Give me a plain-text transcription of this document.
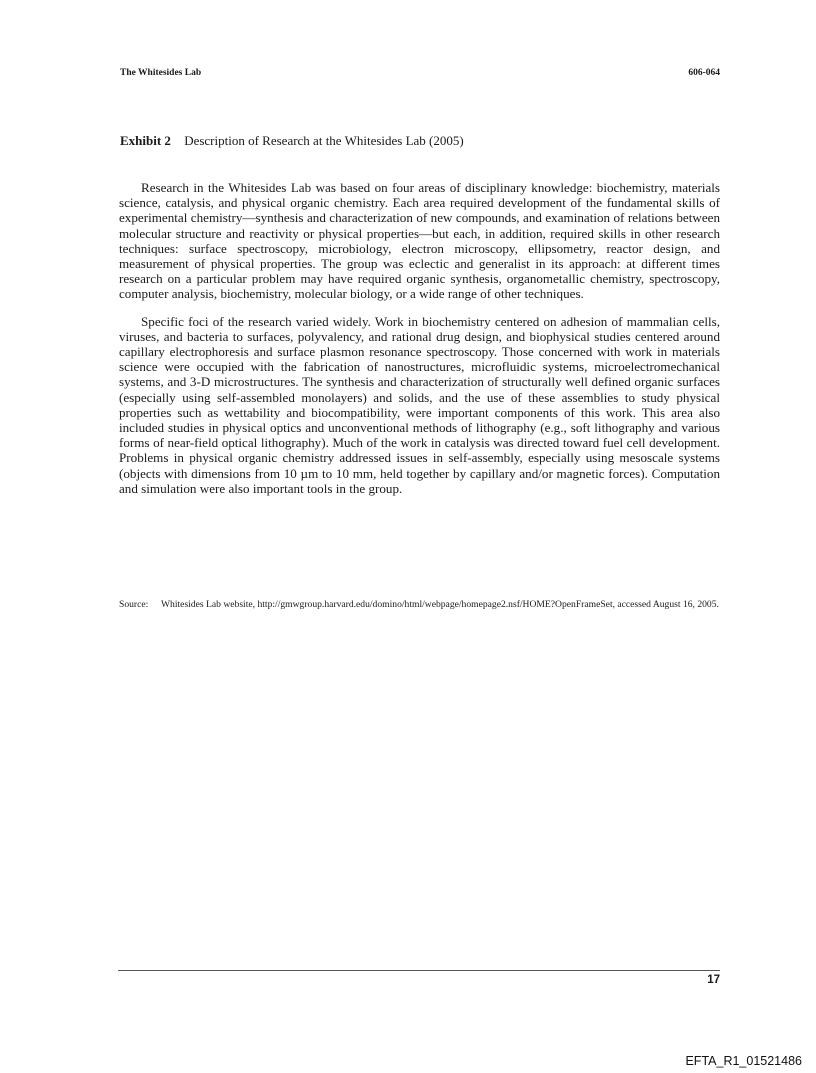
The Whitesides Lab	606-064
Exhibit 2 Description of Research at the Whitesides Lab (2005)

Research in the Whitesides Lab was based on four areas of disciplinary knowledge: biochemistry, materials science, catalysis, and physical organic chemistry. Each area required development of the fundamental skills of experimental chemistry—synthesis and characterization of new compounds, and examination of relations between molecular structure and reactivity or physical properties—but each, in addition, required skills in other research techniques: surface spectroscopy, microbiology, electron microscopy, ellipsometry, reactor design, and measurement of physical properties. The group was eclectic and generalist in its approach: at different times research on a particular problem may have required organic synthesis, organometallic chemistry, spectroscopy, computer analysis, biochemistry, molecular biology, or a wide range of other techniques.

Specific foci of the research varied widely. Work in biochemistry centered on adhesion of mammalian cells, viruses, and bacteria to surfaces, polyvalency, and rational drug design, and biophysical studies centered around capillary electrophoresis and surface plasmon resonance spectroscopy. Those concerned with work in materials science were occupied with the fabrication of nanostructures, microfluidic systems, microelectromechanical systems, and 3-D microstructures. The synthesis and characterization of structurally well defined organic surfaces (especially using self-assembled monolayers) and solids, and the use of these assemblies to study physical properties such as wettability and biocompatibility, were important components of this work. This area also included studies in physical optics and unconventional methods of lithography (e.g., soft lithography and various forms of near-field optical lithography). Much of the work in catalysis was directed toward fuel cell development. Problems in physical organic chemistry addressed issues in self-assembly, especially using mesoscale systems (objects with dimensions from 10 µm to 10 mm, held together by capillary and/or magnetic forces). Computation and simulation were also important tools in the group.

Source:	Whitesides Lab website, http://gmwgroup.harvard.edu/domino/html/webpage/homepage2.nsf/HOME?OpenFrameSet, accessed August 16, 2005.
17
EFTA_R1_01521486
